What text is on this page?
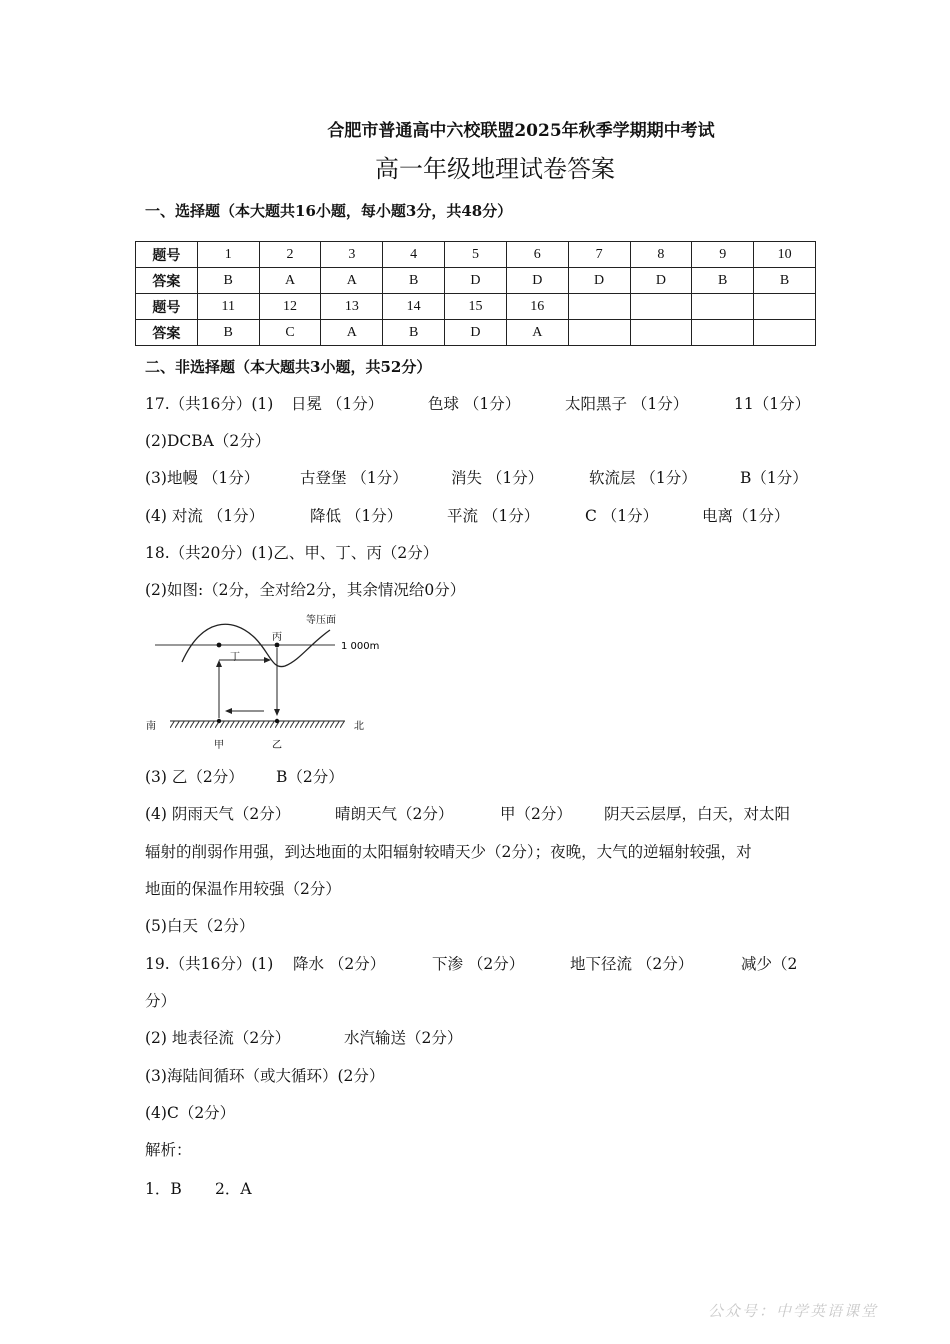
合肥市普通高中六校联盟2025年秋季学期期中考试
高一年级地理试卷答案
一、选择题（本大题共16小题，每小题3分，共48分）
题号	1	2	3	4	5	6	7	8	9	10
答案	B	A	A	B	D	D	D	D	B	B
题号	11	12	13	14	15	16				
答案	B	C	A	B	D	A				
二、非选择题（本大题共3小题，共52分）
17.（共16分）(1) 日冕 （1分）	色球 （1分）	太阳黑子 （1分）	11（1分）
(2)DCBA（2分）
(3)地幔 （1分）	古登堡 （1分）	消失 （1分）	软流层 （1分）	B（1分）
(4) 对流 （1分）	降低 （1分）	平流 （1分）	C （1分）	电离（1分）
18.（共20分）(1)乙、甲、丁、丙（2分）
(2)如图:（2分，全对给2分，其余情况给0分）
等压面
1 000m
丙
丁
南	北
甲	乙
(3) 乙（2分） B（2分）
(4) 阴雨天气（2分）	晴朗天气（2分）	甲（2分） 阴天云层厚，白天，对太阳
辐射的削弱作用强，到达地面的太阳辐射较晴天少（2分）；夜晚，大气的逆辐射较强，对
地面的保温作用较强（2分）
(5)白天（2分）
19.（共16分）(1) 降水 （2分）	下渗 （2分）	地下径流 （2分）	减少（2
分）
(2) 地表径流（2分）	水汽输送（2分）
(3)海陆间循环（或大循环）(2分）
(4)C（2分）
解析：
1．B 2．A
公众号：中学英语课堂
